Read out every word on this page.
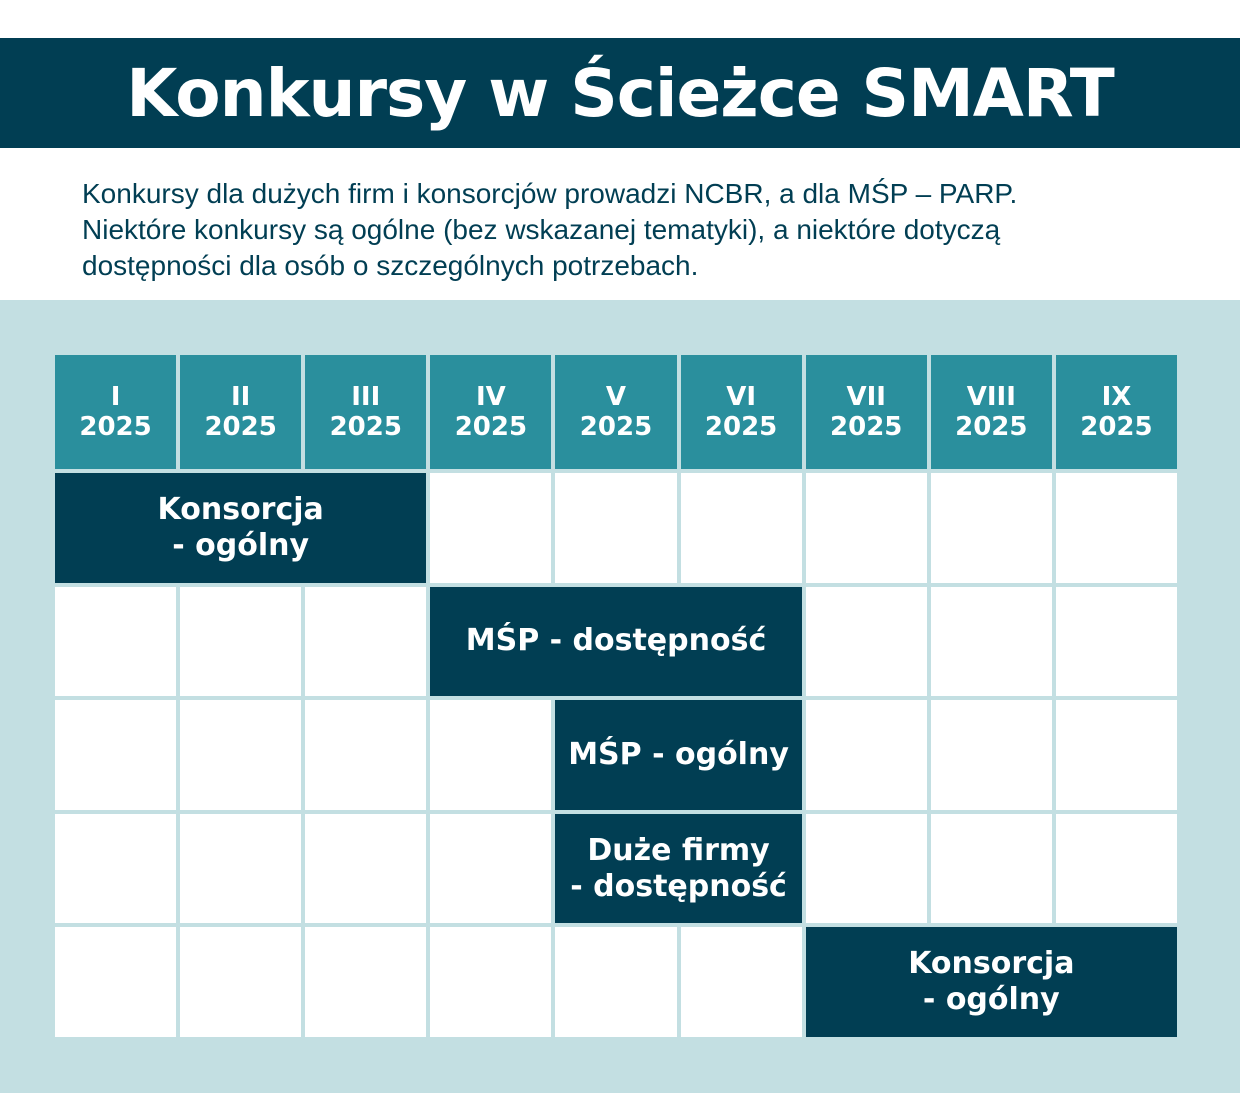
Konkursy w Ścieżce SMART

Konkursy dla dużych firm i konsorcjów prowadzi NCBR, a dla MŚP – PARP.
Niektóre konkursy są ogólne (bez wskazanej tematyki), a niektóre dotyczą
dostępności dla osób o szczególnych potrzebach.

I
2025
II
2025
III
2025
IV
2025
V
2025
VI
2025
VII
2025
VIII
2025
IX
2025
Konsorcja
- ogólny
MŚP - dostępność
MŚP - ogólny
Duże firmy
- dostępność
Konsorcja
- ogólny
